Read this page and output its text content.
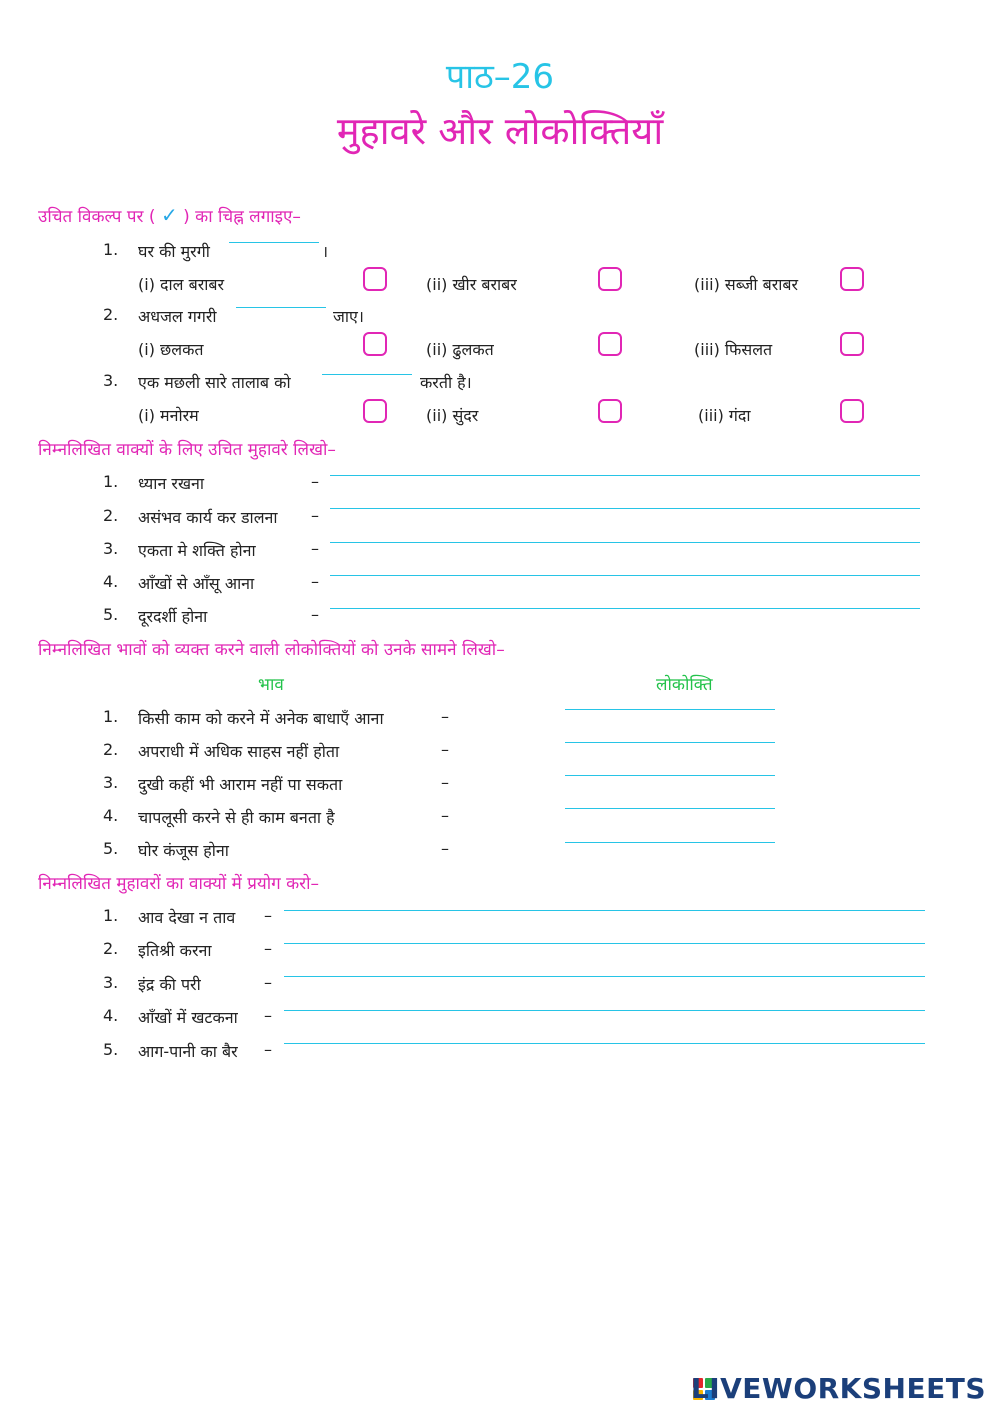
पाठ–26
मुहावरे और लोकोक्तियाँ
उचित विकल्प पर ( ✓ ) का चिह्न लगाइए–
1. घर की मुरगी	।
(i) दाल बराबर	(ii) खीर बराबर	(iii) सब्जी बराबर
2. अधजल गगरी	जाए।
(i) छलकत	(ii) ढुलकत	(iii) फिसलत
3. एक मछली सारे तालाब को	करती है।
(i) मनोरम	(ii) सुंदर	(iii) गंदा
निम्नलिखित वाक्यों के लिए उचित मुहावरे लिखो–
1. ध्यान रखना	–
2. असंभव कार्य कर डालना –
3. एकता मे शक्ति होना	–
4. आँखों से आँसू आना	–
5. दूरदर्शी होना	–
निम्नलिखित भावों को व्यक्त करने वाली लोकोक्तियों को उनके सामने लिखो–
भाव	लोकोक्ति
1. किसी काम को करने में अनेक बाधाएँ आना	–
2. अपराधी में अधिक साहस नहीं होता	–
3. दुखी कहीं भी आराम नहीं पा सकता	–
4. चापलूसी करने से ही काम बनता है	–
5. घोर कंजूस होना	–
निम्नलिखित मुहावरों का वाक्यों में प्रयोग करो–
1. आव देखा न ताव –
2. इतिश्री करना	–
3. इंद्र की परी	–
4. आँखों में खटकना –
5. आग-पानी का बैर –
LIVEWORKSHEETS
